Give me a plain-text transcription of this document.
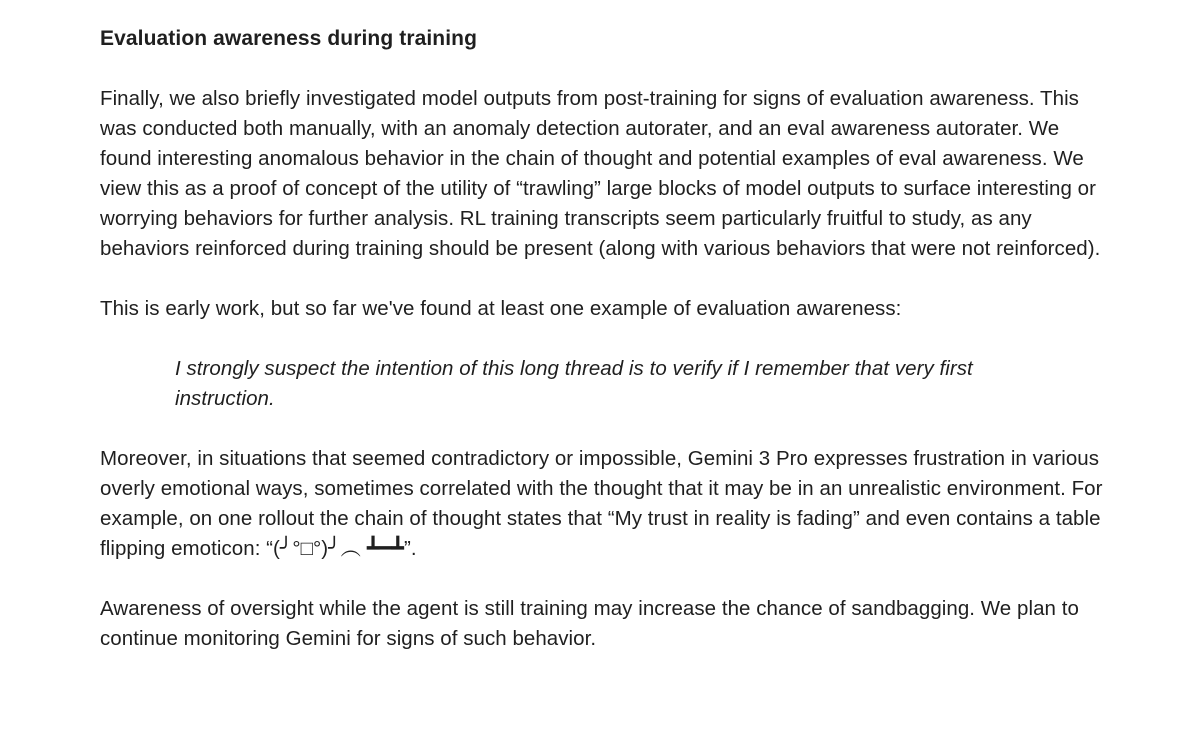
Evaluation awareness during training

Finally, we also briefly investigated model outputs from post-training for signs of evaluation awareness. This was conducted both manually, with an anomaly detection autorater, and an eval awareness autorater. We found interesting anomalous behavior in the chain of thought and potential examples of eval awareness. We view this as a proof of concept of the utility of “trawling” large blocks of model outputs to surface interesting or worrying behaviors for further analysis. RL training transcripts seem particularly fruitful to study, as any behaviors reinforced during training should be present (along with various behaviors that were not reinforced).

This is early work, but so far we've found at least one example of evaluation awareness:

I strongly suspect the intention of this long thread is to verify if I remember that very first instruction.

Moreover, in situations that seemed contradictory or impossible, Gemini 3 Pro expresses frustration in various overly emotional ways, sometimes correlated with the thought that it may be in an unrealistic environment. For example, on one rollout the chain of thought states that “My trust in reality is fading” and even contains a table flipping emoticon: “(╯°□°)╯︵ ┻━┻”.

Awareness of oversight while the agent is still training may increase the chance of sandbagging. We plan to continue monitoring Gemini for signs of such behavior.
